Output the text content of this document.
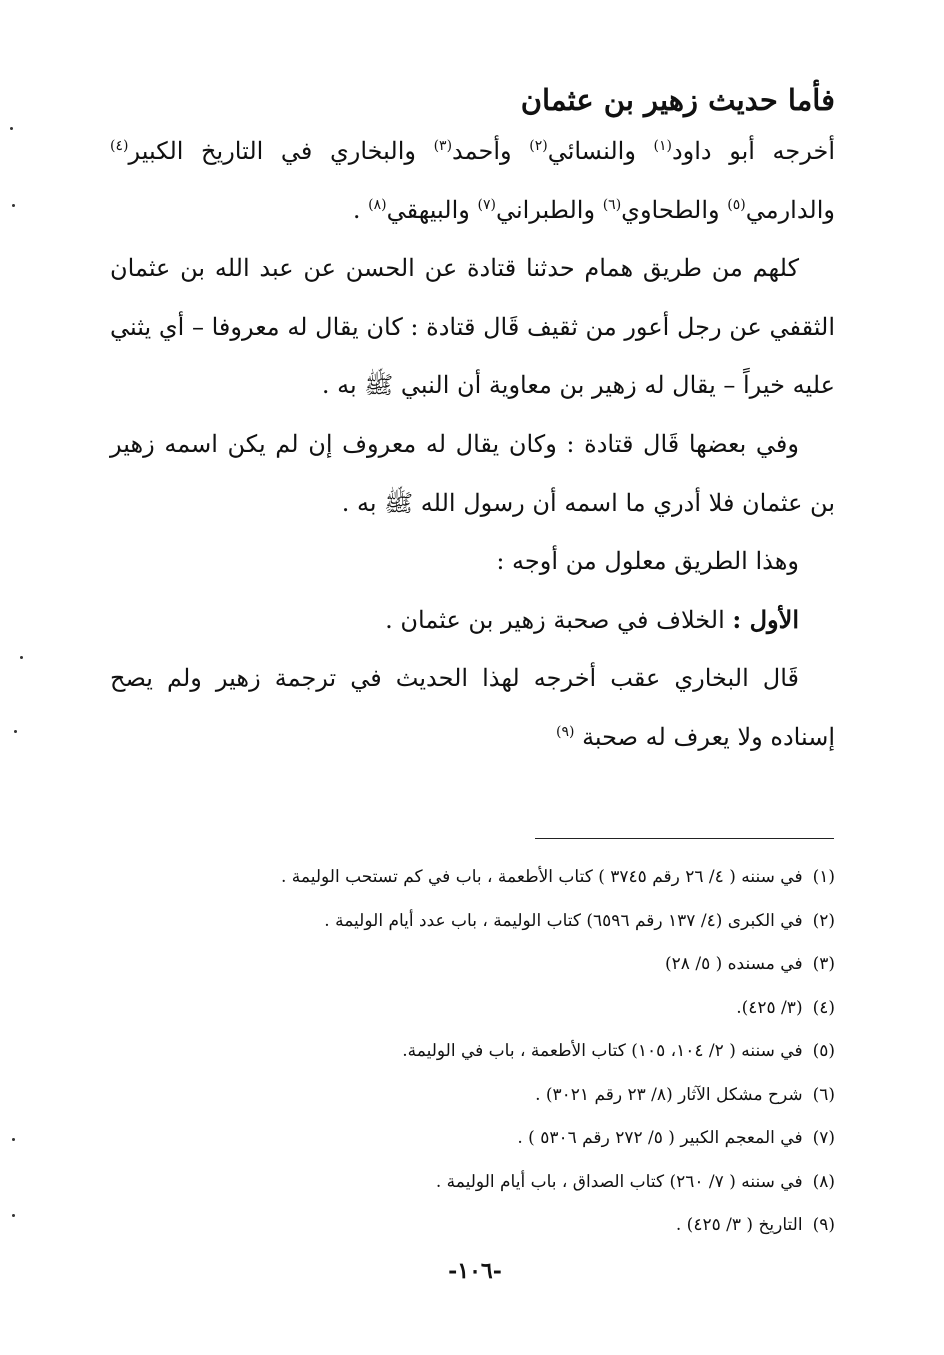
فأما حديث زهير بن عثمان

أخرجه أبو داود$^{(١)}$ والنسائي$^{(٢)}$ وأحمد$^{(٣)}$ والبخاري في التاريخ الكبير$^{(٤)}$ والدارمي$^{(٥)}$ والطحاوي$^{(٦)}$ والطبراني$^{(٧)}$ والبيهقي$^{(٨)}$ .

كلهم من طريق همام حدثنا قتادة عن الحسن عن عبد الله بن عثمان الثقفي عن رجل أعور من ثقيف قَال قتادة : كان يقال له معروفا – أي يثني عليه خيراً – يقال له زهير بن معاوية أن النبي ﷺ به .

وفي بعضها قَال قتادة : وكان يقال له معروف إن لم يكن اسمه زهير بن عثمان فلا أدري ما اسمه أن رسول الله ﷺ به .

وهذا الطريق معلول من أوجه :

الأول : الخلاف في صحبة زهير بن عثمان .

قَال البخاري عقب أخرجه لهذا الحديث في ترجمة زهير ولم يصح إسناده ولا يعرف له صحبة $^{(٩)}$

(١)في سننه ( ٤/ ٢٦ رقم ٣٧٤٥ ) كتاب الأطعمة ، باب في كم تستحب الوليمة .

(٢)في الكبرى (٤/ ١٣٧ رقم ٦٥٩٦) كتاب الوليمة ، باب عدد أيام الوليمة .

(٣)في مسنده ( ٥/ ٢٨)

(٤)(٣/ ٤٢٥).

(٥)في سننه ( ٢/ ١٠٤، ١٠٥) كتاب الأطعمة ، باب في الوليمة.

(٦)شرح مشكل الآثار (٨/ ٢٣ رقم ٣٠٢١) .

(٧)في المعجم الكبير ( ٥/ ٢٧٢ رقم ٥٣٠٦ ) .

(٨)في سننه ( ٧/ ٢٦٠) كتاب الصداق ، باب أيام الوليمة .

(٩)التاريخ ( ٣/ ٤٢٥) .

-١٠٦-
